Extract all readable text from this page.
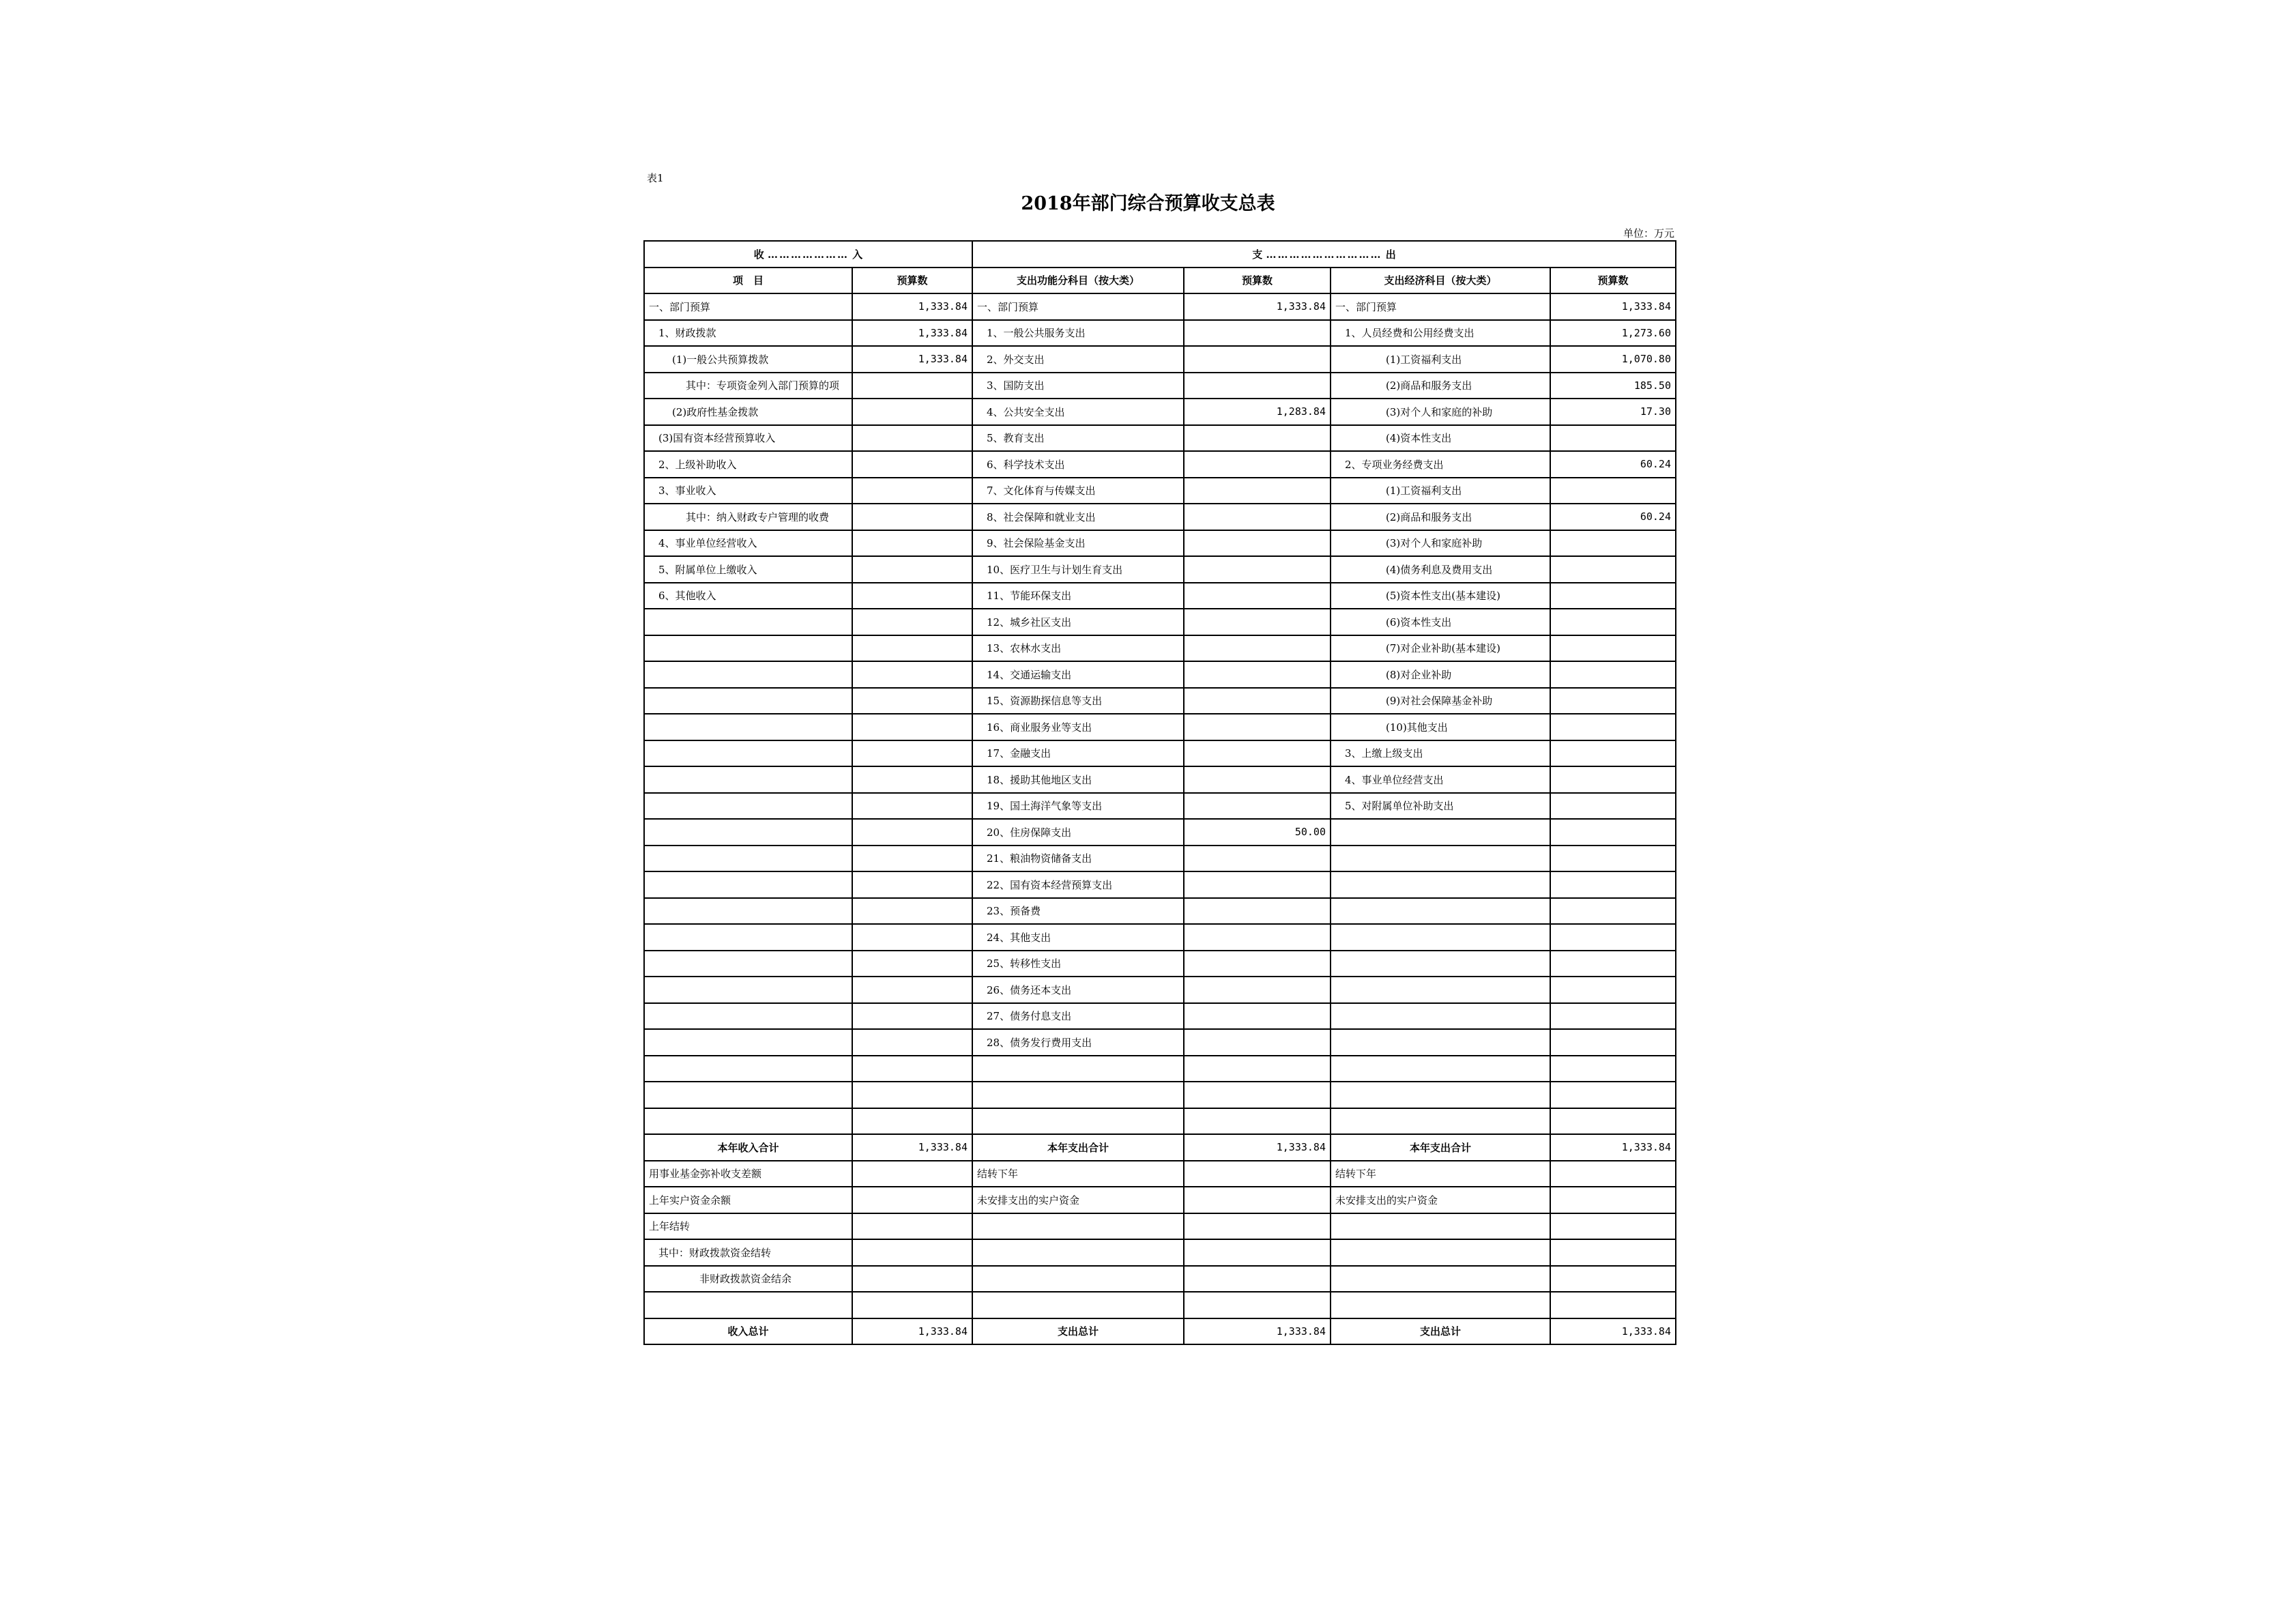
表1
2018年部门综合预算收支总表
单位：万元
收 ………………… 入		支 ………………………… 出			
项　目	预算数	支出功能分科目（按大类）	预算数	支出经济科目（按大类）	预算数
一、部门预算	1,333.84	一、部门预算	1,333.84	一、部门预算	1,333.84
1、财政拨款	1,333.84	1、一般公共服务支出		1、人员经费和公用经费支出	1,273.60
(1)一般公共预算拨款	1,333.84	2、外交支出		(1)工资福利支出	1,070.80
其中：专项资金列入部门预算的项		3、国防支出		(2)商品和服务支出	185.50
(2)政府性基金拨款		4、公共安全支出	1,283.84	(3)对个人和家庭的补助	17.30
(3)国有资本经营预算收入		5、教育支出		(4)资本性支出	
2、上级补助收入		6、科学技术支出		2、专项业务经费支出	60.24
3、事业收入		7、文化体育与传媒支出		(1)工资福利支出	
其中：纳入财政专户管理的收费		8、社会保障和就业支出		(2)商品和服务支出	60.24
4、事业单位经营收入		9、社会保险基金支出		(3)对个人和家庭补助	
5、附属单位上缴收入		10、医疗卫生与计划生育支出		(4)债务利息及费用支出	
6、其他收入		11、节能环保支出		(5)资本性支出(基本建设)	
		12、城乡社区支出		(6)资本性支出	
		13、农林水支出		(7)对企业补助(基本建设)	
		14、交通运输支出		(8)对企业补助	
		15、资源勘探信息等支出		(9)对社会保障基金补助	
		16、商业服务业等支出		(10)其他支出	
		17、金融支出		3、上缴上级支出	
		18、援助其他地区支出		4、事业单位经营支出	
		19、国土海洋气象等支出		5、对附属单位补助支出	
		20、住房保障支出	50.00		
		21、粮油物资储备支出			
		22、国有资本经营预算支出			
		23、预备费			
		24、其他支出			
		25、转移性支出			
		26、债务还本支出			
		27、债务付息支出			
		28、债务发行费用支出			

本年收入合计	1,333.84	本年支出合计	1,333.84	本年支出合计	1,333.84
用事业基金弥补收支差额		结转下年		结转下年	
上年实户资金余额		未安排支出的实户资金		未安排支出的实户资金	
上年结转					
其中：财政拨款资金结转					
非财政拨款资金结余					

收入总计	1,333.84	支出总计	1,333.84	支出总计	1,333.84
